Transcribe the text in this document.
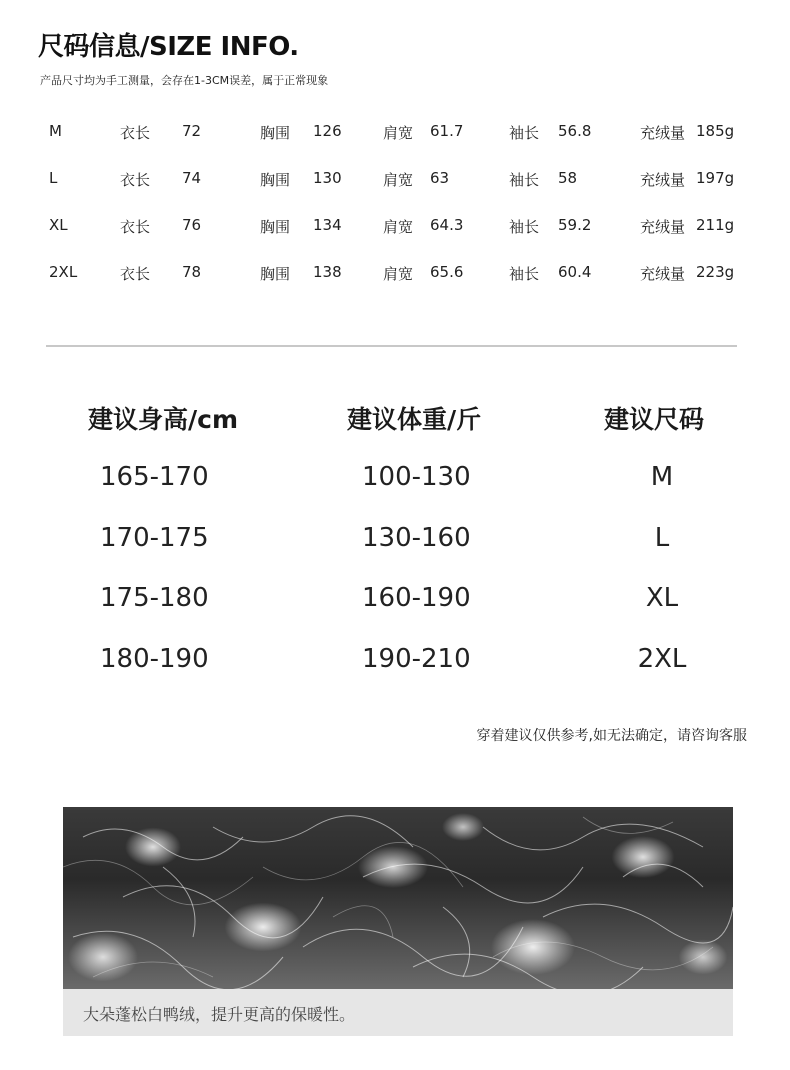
尺码信息/SIZE INFO.
产品尺寸均为手工测量，会存在1-3CM误差，属于正常现象
M	衣长 72	胸围 126	肩宽 61.7	袖长 56.8	充绒量 185g
L	衣长 74	胸围 130	肩宽 63	袖长 58	充绒量 197g
XL	衣长 76	胸围 134	肩宽 64.3	袖长 59.2	充绒量 211g
2XL	衣长 78	胸围 138	肩宽 65.6	袖长 60.4	充绒量 223g
建议身高/cm	建议体重/斤	建议尺码
165-170	100-130	M
170-175	130-160	L
175-180	160-190	XL
180-190	190-210	2XL
穿着建议仅供参考,如无法确定，请咨询客服
大朵蓬松白鸭绒，提升更高的保暖性。
